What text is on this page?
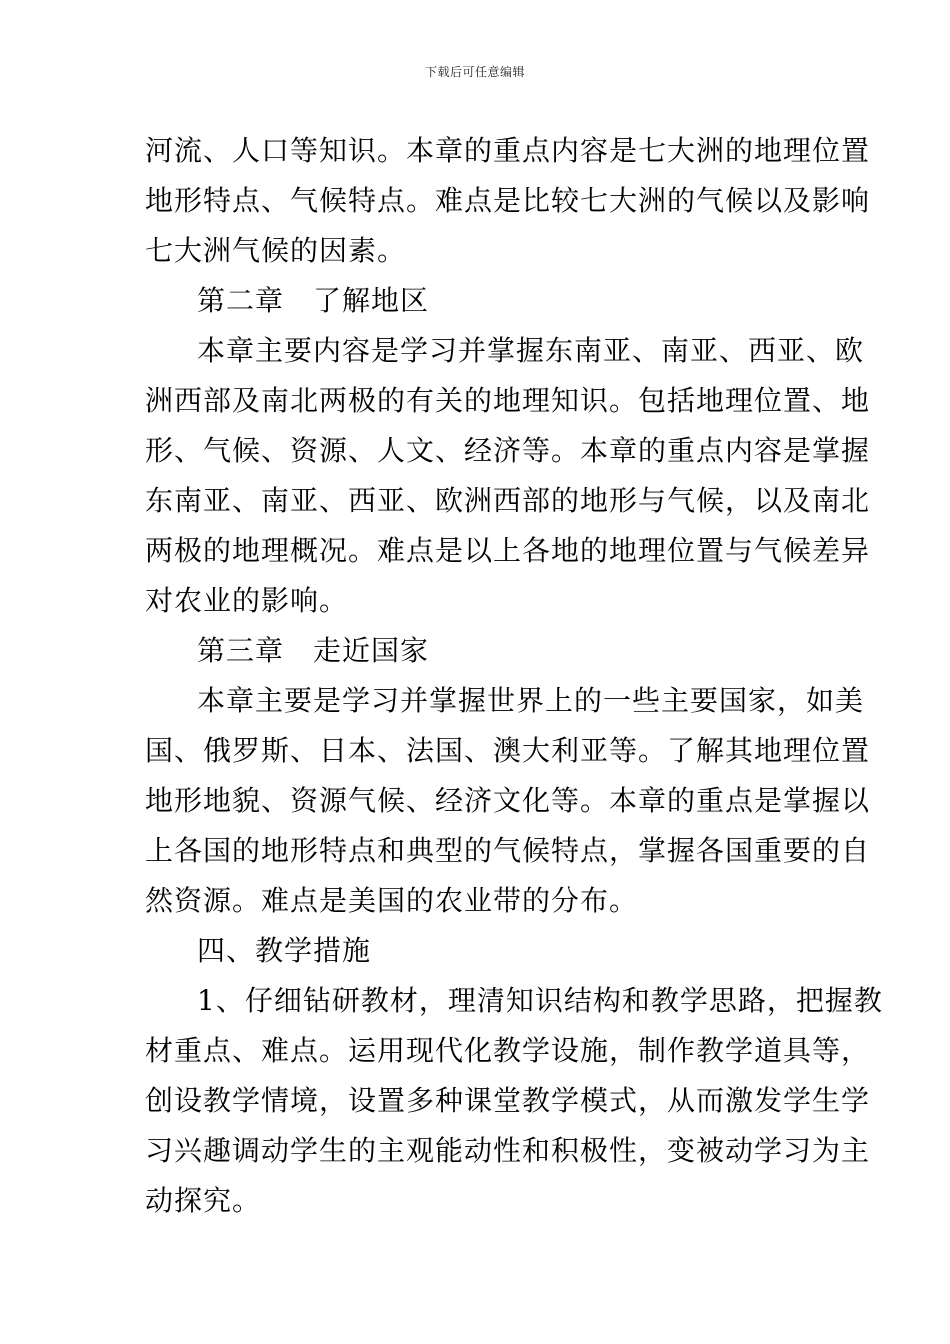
下载后可任意编辑
河流、人口等知识。本章的重点内容是七大洲的地理位置
地形特点、气候特点。难点是比较七大洲的气候以及影响
七大洲气候的因素。
第二章　了解地区
本章主要内容是学习并掌握东南亚、南亚、西亚、欧
洲西部及南北两极的有关的地理知识。包括地理位置、地
形、气候、资源、人文、经济等。本章的重点内容是掌握
东南亚、南亚、西亚、欧洲西部的地形与气候，以及南北
两极的地理概况。难点是以上各地的地理位置与气候差异
对农业的影响。
第三章　走近国家
本章主要是学习并掌握世界上的一些主要国家，如美
国、俄罗斯、日本、法国、澳大利亚等。了解其地理位置
地形地貌、资源气候、经济文化等。本章的重点是掌握以
上各国的地形特点和典型的气候特点，掌握各国重要的自
然资源。难点是美国的农业带的分布。
四、教学措施
1、仔细钻研教材，理清知识结构和教学思路，把握教
材重点、难点。运用现代化教学设施，制作教学道具等，
创设教学情境，设置多种课堂教学模式，从而激发学生学
习兴趣调动学生的主观能动性和积极性，变被动学习为主
动探究。
